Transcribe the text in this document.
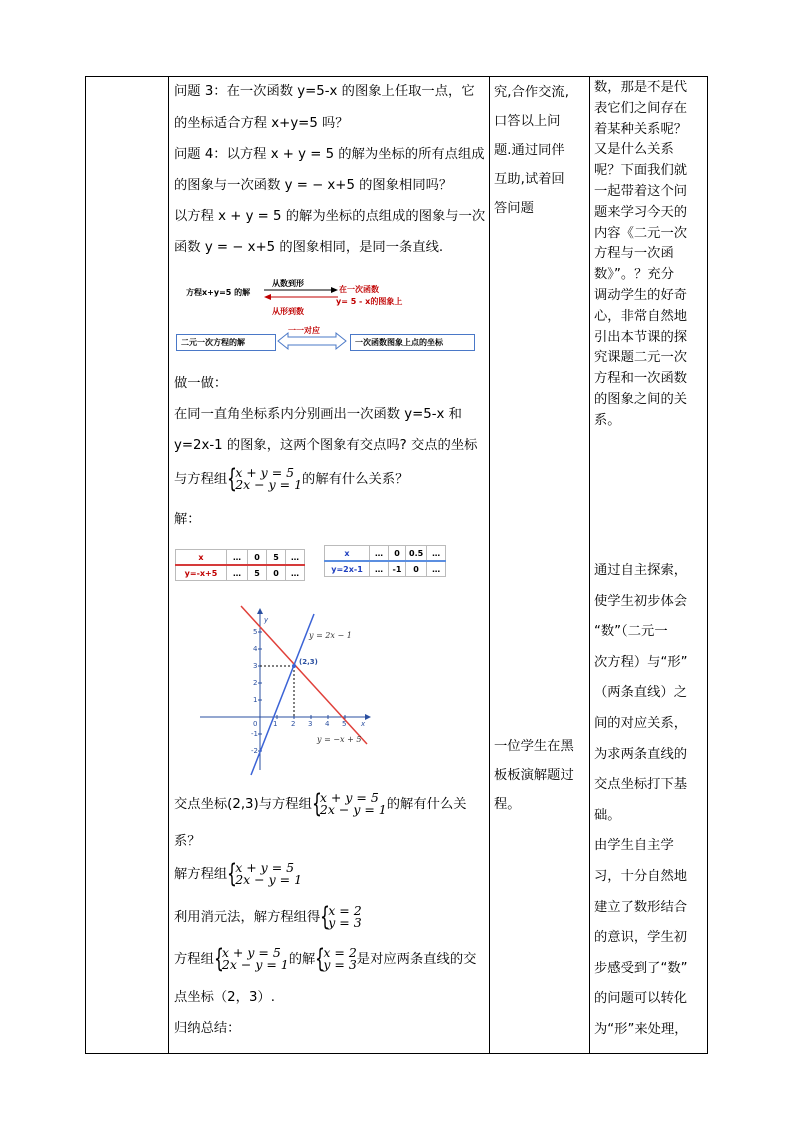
问题 3：在一次函数 y=5-x 的图象上任取一点，它
的坐标适合方程 x+y=5 吗？
问题 4：以方程 x + y = 5 的解为坐标的所有点组成
的图象与一次函数 y = − x+5 的图象相同吗？
以方程 x + y = 5 的解为坐标的点组成的图象与一次
函数 y = − x+5 的图象相同，是同一条直线.
方程x+y=5 的解
从数到形
从形到数
在一次函数
y= 5 - x的图象上
二元一次方程的解
一一对应
一次函数图象上点的坐标
做一做：
在同一直角坐标系内分别画出一次函数 y=5-x 和
y=2x-1 的图象，这两个图象有交点吗? 交点的坐标
与方程组 {
x + y = 5
2x − y = 1 的解有什么关系？
解：
x	…	0	5	…
y=-x+5	…	5	0	…
x	…	0	0.5	…
y=2x-1	…	-1	0	…
1 2 3 4 5
5
4
3
2
1
-1
-2
0
y
x
(2,3)
y = 2x − 1
y = −x + 5
交点坐标(2,3)与方程组 {
x + y = 5
2x − y = 1 的解有什么关
系？
解方程组 {
x + y = 5
2x − y = 1
利用消元法，解方程组得 {
x = 2
y = 3
方程组 {
x + y = 5
2x − y = 1 的解 {
x = 2
y = 3 是对应两条直线的交
点坐标（2，3）.
归纳总结：
究,合作交流,
口答以上问
题.通过同伴
互助,试着回
答问题
一位学生在黑
板板演解题过
程。
数，那是不是代
表它们之间存在
着某种关系呢？
又是什么关系
呢？下面我们就
一起带着这个问
题来学习今天的
内容《二元一次
方程与一次函
数》”。？充分
调动学生的好奇
心，非常自然地
引出本节课的探
究课题二元一次
方程和一次函数
的图象之间的关
系。
通过自主探索，
使学生初步体会
“数”（二元一
次方程）与“形”
（两条直线）之
间的对应关系，
为求两条直线的
交点坐标打下基
础。
由学生自主学
习，十分自然地
建立了数形结合
的意识，学生初
步感受到了“数”
的问题可以转化
为“形”来处理，
